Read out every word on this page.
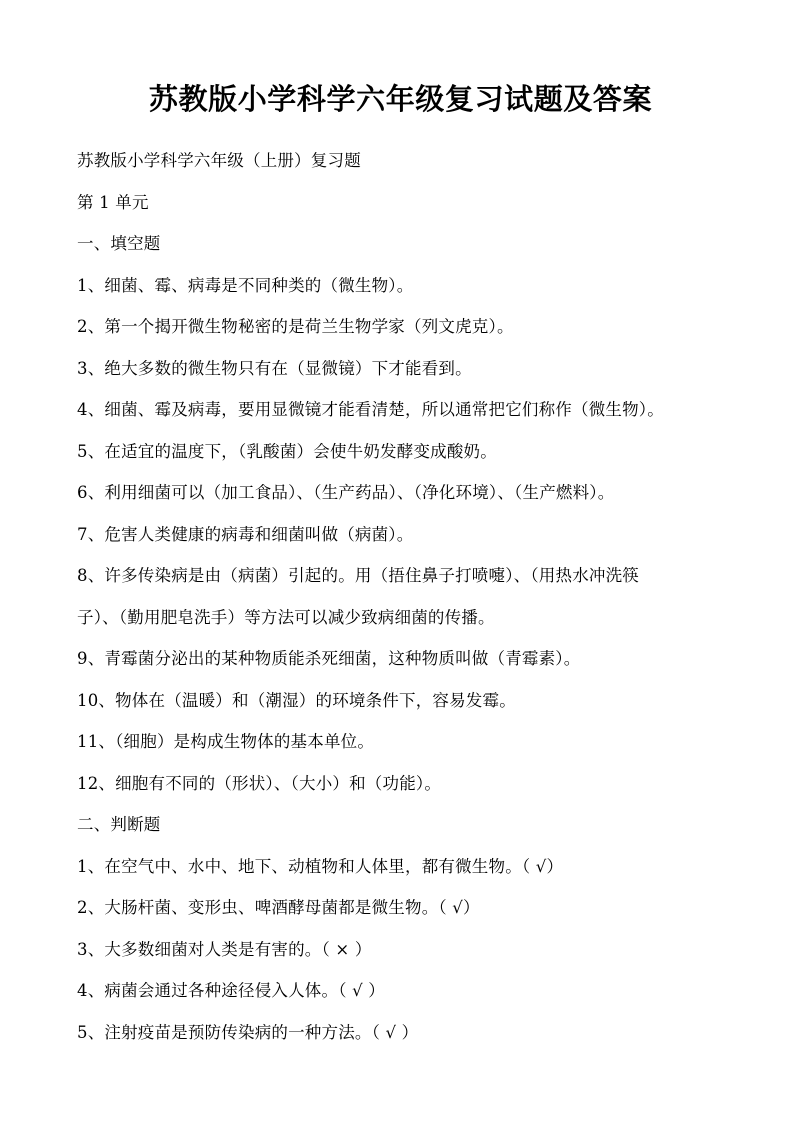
苏教版小学科学六年级复习试题及答案
苏教版小学科学六年级（上册）复习题
第 1 单元
一、填空题
1、细菌、霉、病毒是不同种类的（微生物）。
2、第一个揭开微生物秘密的是荷兰生物学家（列文虎克）。
3、绝大多数的微生物只有在（显微镜）下才能看到。
4、细菌、霉及病毒，要用显微镜才能看清楚，所以通常把它们称作（微生物）。
5、在适宜的温度下，（乳酸菌）会使牛奶发酵变成酸奶。
6、利用细菌可以（加工食品）、（生产药品）、（净化环境）、（生产燃料）。
7、危害人类健康的病毒和细菌叫做（病菌）。
8、许多传染病是由（病菌）引起的。用（捂住鼻子打喷嚏）、（用热水冲洗筷
子）、（勤用肥皂洗手）等方法可以减少致病细菌的传播。
9、青霉菌分泌出的某种物质能杀死细菌，这种物质叫做（青霉素）。
10、物体在（温暖）和（潮湿）的环境条件下，容易发霉。
11、（细胞）是构成生物体的基本单位。
12、细胞有不同的（形状）、（大小）和（功能）。
二、判断题
1、在空气中、水中、地下、动植物和人体里，都有微生物。（ √）
2、大肠杆菌、变形虫、啤酒酵母菌都是微生物。（ √）
3、大多数细菌对人类是有害的。（ × ）
4、病菌会通过各种途径侵入人体。（ √ ）
5、注射疫苗是预防传染病的一种方法。（ √ ）
